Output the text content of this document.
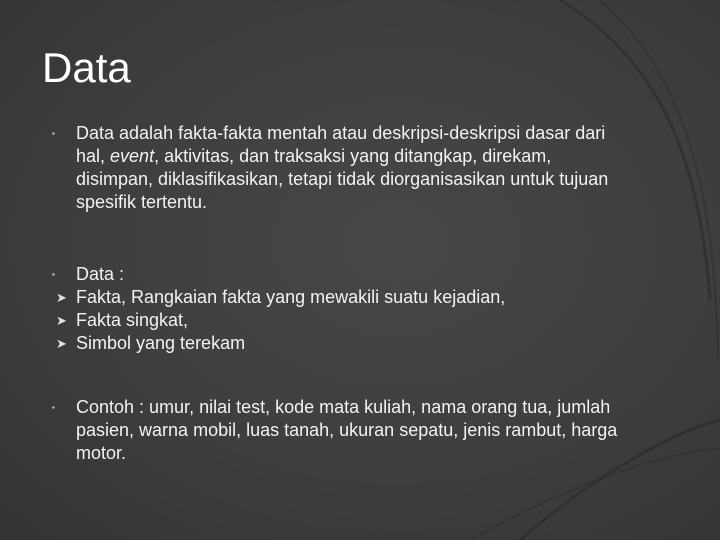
Data
▪ Data adalah fakta-fakta mentah atau deskripsi-deskripsi dasar dari hal, event, aktivitas, dan traksaksi yang ditangkap, direkam, disimpan, diklasifikasikan, tetapi tidak diorganisasikan untuk tujuan spesifik tertentu.
▪ Data :
➤ Fakta, Rangkaian fakta yang mewakili suatu kejadian,
➤ Fakta singkat,
➤ Simbol yang terekam
▪ Contoh : umur, nilai test, kode mata kuliah, nama orang tua, jumlah pasien, warna mobil, luas tanah, ukuran sepatu, jenis rambut, harga motor.
